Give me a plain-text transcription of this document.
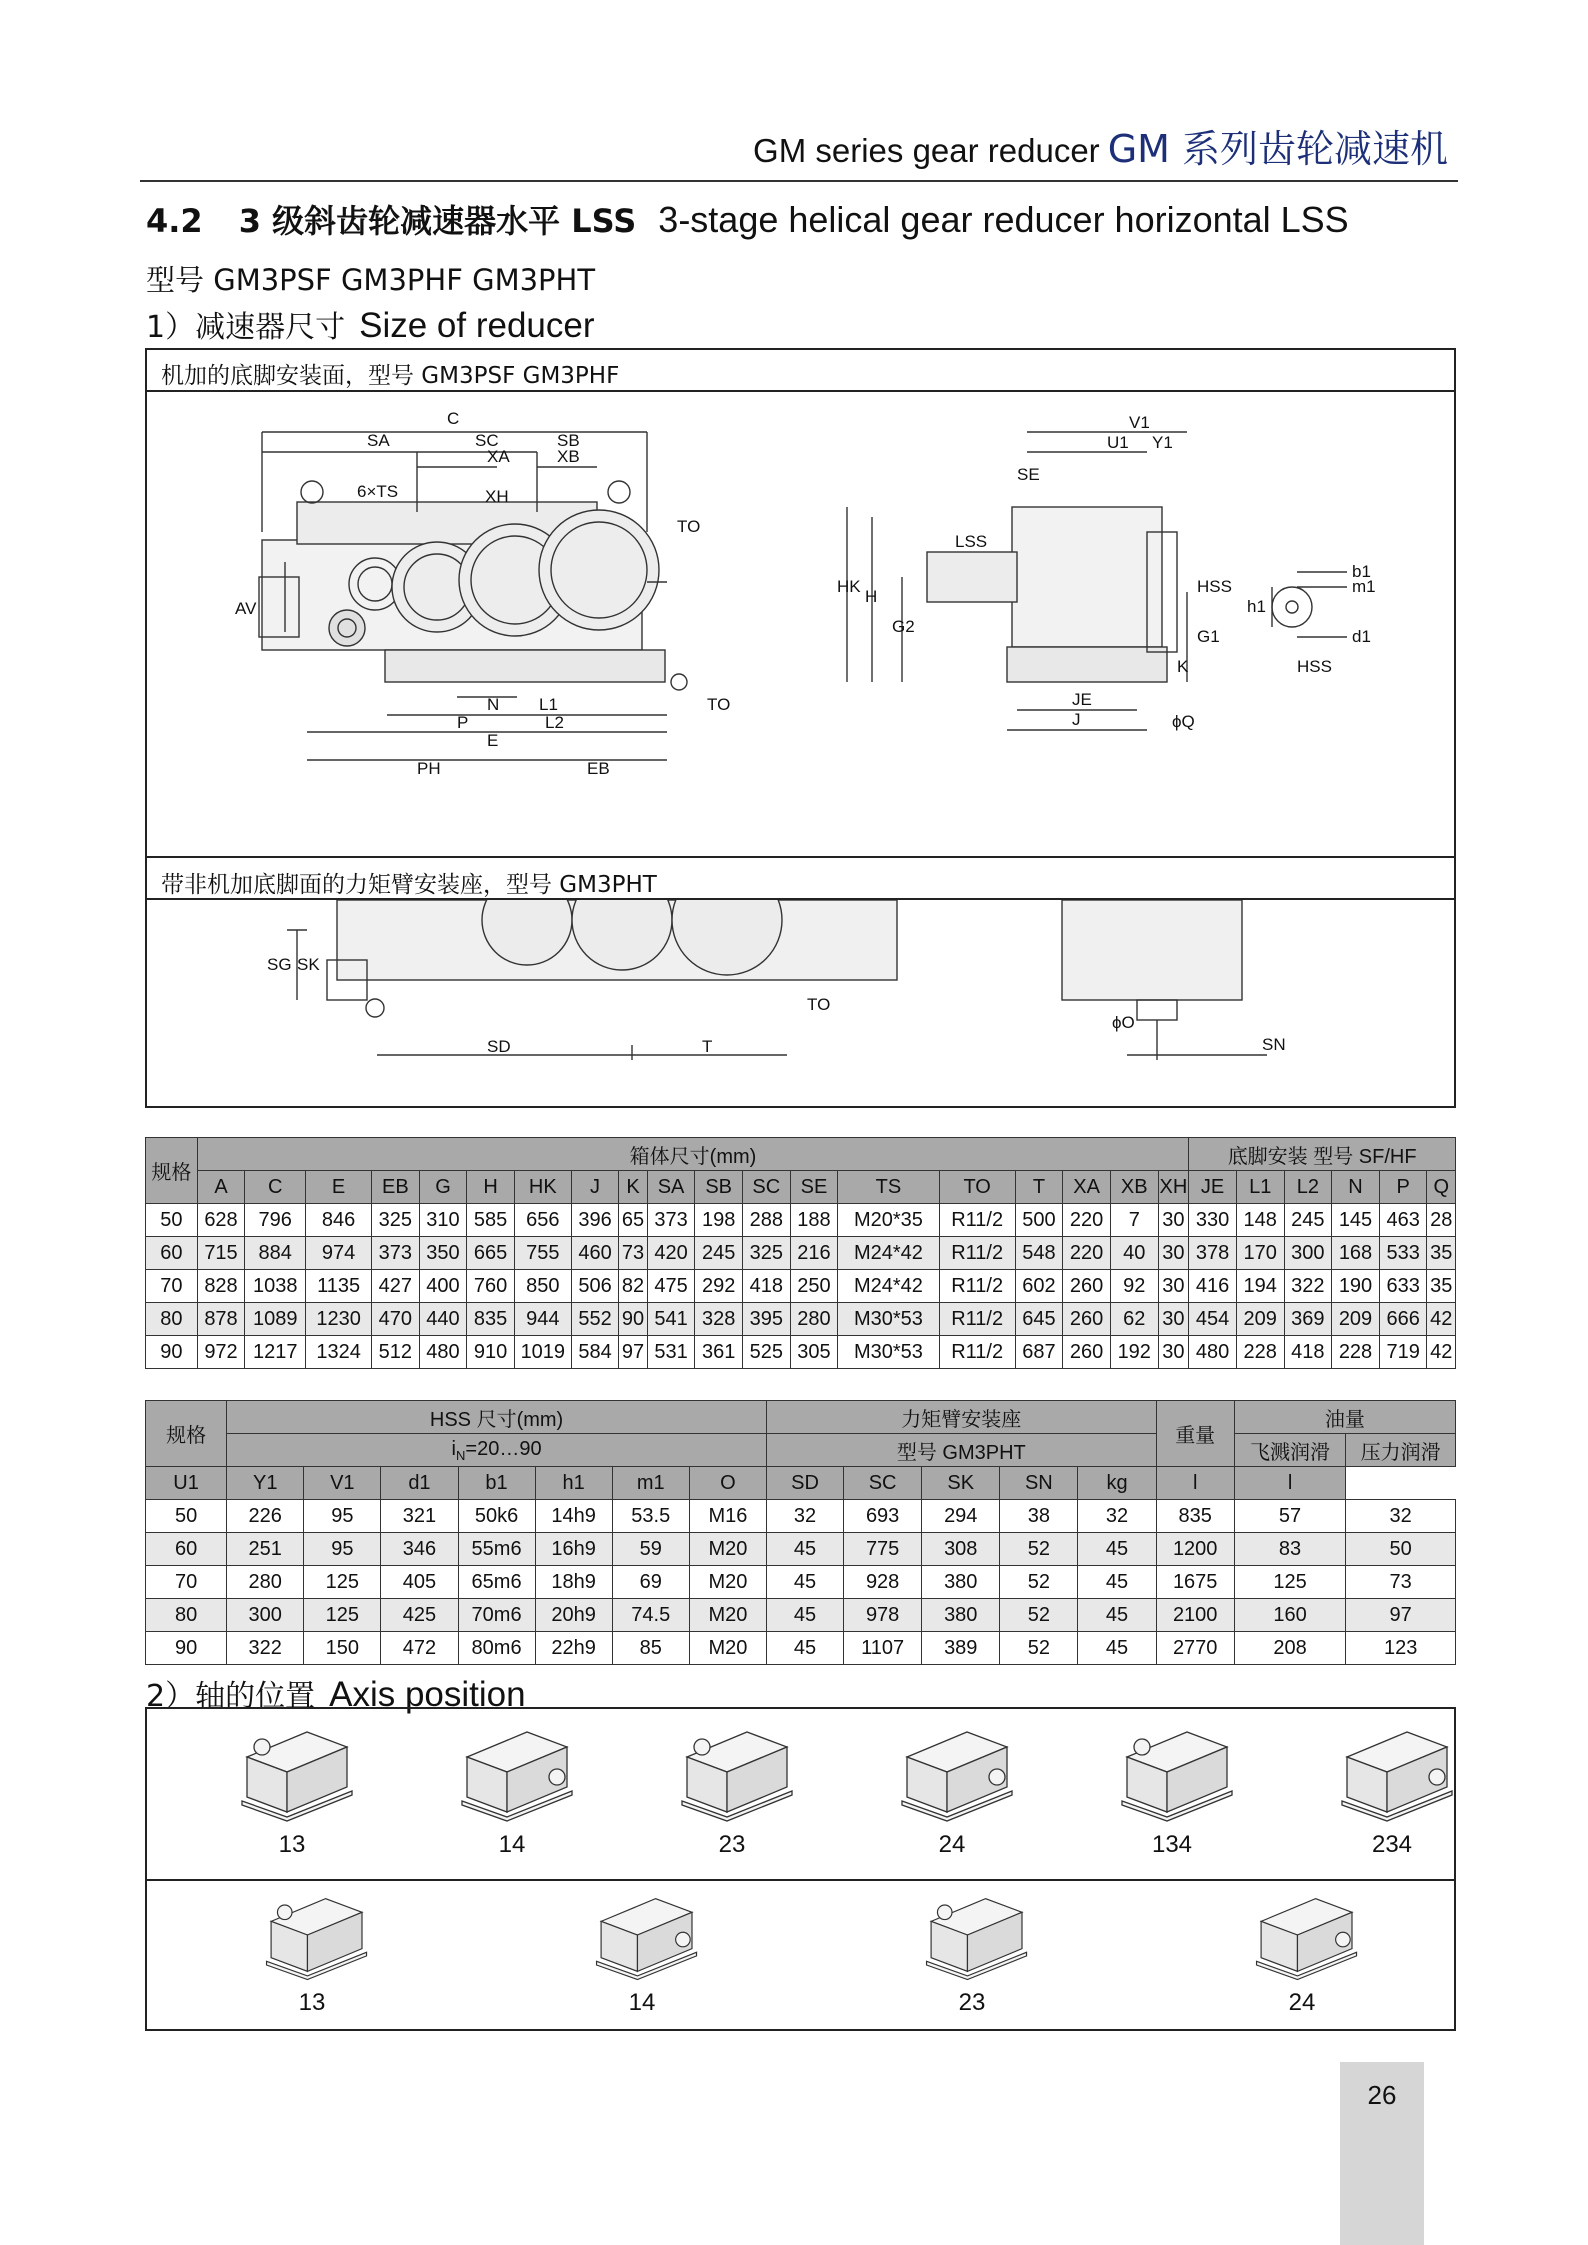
GM series gear reducer GM 系列齿轮减速机
4.2 3 级斜齿轮减速器水平 LSS 3-stage helical gear reducer horizontal LSS
型号 GM3PSF GM3PHF GM3PHT
1）减速器尺寸 Size of reducer
机加的底脚安装面，型号 GM3PSF GM3PHF
C
SA	SC	SB
XA	XB
XH
6×TS
AV
TO
TO
N L1
L2
P
E
PH	EB
V1
U1 Y1
SE
LSS
HK
H
G2
HSS
G1
K
JE
J	ϕQ
b1
m1
h1
d1
HSS
带非机加底脚面的力矩臂安装座，型号 GM3PHT
SG SK
SD	T
TO
ϕO
SN
规格	箱体尺寸(mm)																			底脚安装 型号 SF/HF					
	A	C	E	EB	G	H	HK	J	K	SA	SB	SC	SE	TS	TO	T	XA	XB	XH	JE	L1	L2	N	P	Q
50	628	796	846	325	310	585	656	396	65	373	198	288	188	M20*35	R11/2	500	220	7	30	330	148	245	145	463	28
60	715	884	974	373	350	665	755	460	73	420	245	325	216	M24*42	R11/2	548	220	40	30	378	170	300	168	533	35
70	828	1038	1135	427	400	760	850	506	82	475	292	418	250	M24*42	R11/2	602	260	92	30	416	194	322	190	633	35
80	878	1089	1230	470	440	835	944	552	90	541	328	395	280	M30*53	R11/2	645	260	62	30	454	209	369	209	666	42
90	972	1217	1324	512	480	910	1019	584	97	531	361	525	305	M30*53	R11/2	687	260	192	30	480	228	418	228	719	42
规格	HSS 尺寸(mm)							力矩臂安装座					重量	油量	
	$i_N=20\dots 90$							型号 GM3PHT						飞溅润滑	压力润滑
U1	Y1	V1	d1	b1	h1	m1	O	SD	SC	SK	SN	kg	l	l	
50	226	95	321	50k6	14h9	53.5	M16	32	693	294	38	32	835	57	32
60	251	95	346	55m6	16h9	59	M20	45	775	308	52	45	1200	83	50
70	280	125	405	65m6	18h9	69	M20	45	928	380	52	45	1675	125	73
80	300	125	425	70m6	20h9	74.5	M20	45	978	380	52	45	2100	160	97
90	322	150	472	80m6	22h9	85	M20	45	1107	389	52	45	2770	208	123
2）轴的位置 Axis position
13	14	23	24	134	234
13	14	23	24
26
